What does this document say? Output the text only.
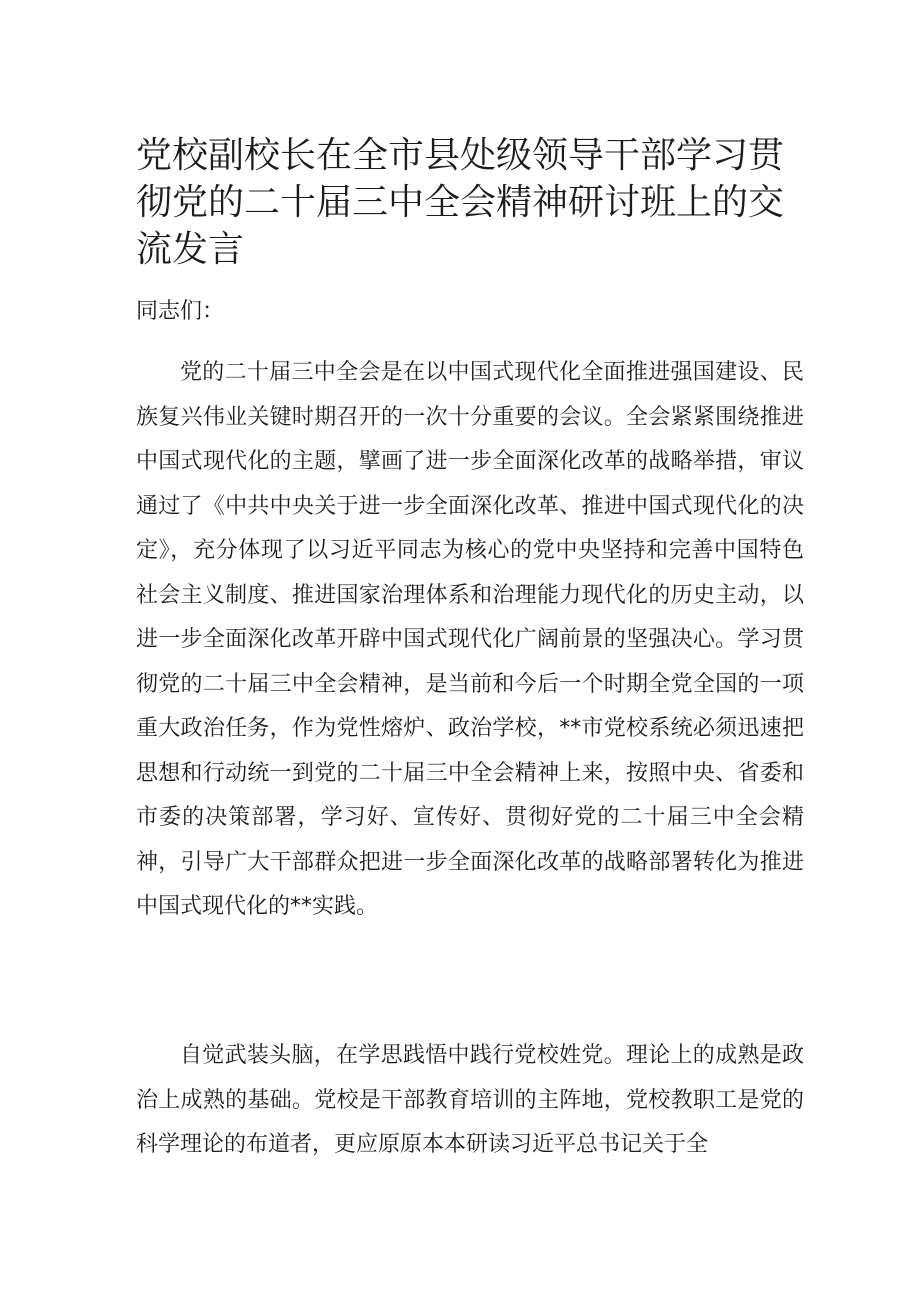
党校副校长在全市县处级领导干部学习贯彻党的二十届三中全会精神研讨班上的交流发言

同志们：

党的二十届三中全会是在以中国式现代化全面推进强国建设、民族复兴伟业关键时期召开的一次十分重要的会议。全会紧紧围绕推进中国式现代化的主题，擘画了进一步全面深化改革的战略举措，审议通过了《中共中央关于进一步全面深化改革、推进中国式现代化的决定》，充分体现了以习近平同志为核心的党中央坚持和完善中国特色社会主义制度、推进国家治理体系和治理能力现代化的历史主动，以进一步全面深化改革开辟中国式现代化广阔前景的坚强决心。学习贯彻党的二十届三中全会精神，是当前和今后一个时期全党全国的一项重大政治任务，作为党性熔炉、政治学校，**市党校系统必须迅速把思想和行动统一到党的二十届三中全会精神上来，按照中央、省委和市委的决策部署，学习好、宣传好、贯彻好党的二十届三中全会精神，引导广大干部群众把进一步全面深化改革的战略部署转化为推进中国式现代化的**实践。

自觉武装头脑，在学思践悟中践行党校姓党。理论上的成熟是政治上成熟的基础。党校是干部教育培训的主阵地，党校教职工是党的科学理论的布道者，更应原原本本研读习近平总书记关于全
